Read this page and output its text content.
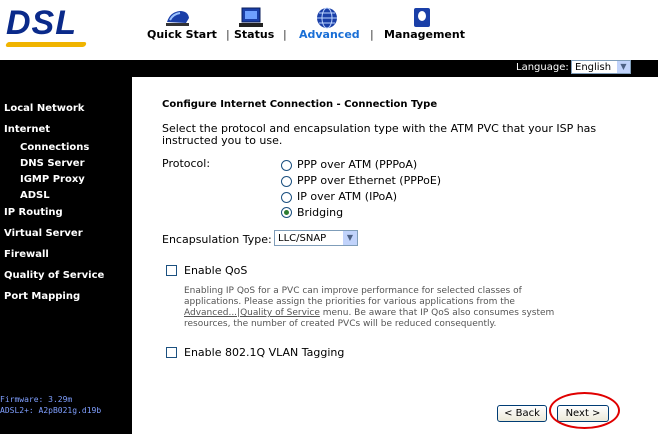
DSL	Quick Start | Status | Advanced | Management
Language: English	▼
Local Network
Internet
Connections
DNS Server
IGMP Proxy
ADSL
IP Routing
Virtual Server
Firewall
Quality of Service
Port Mapping
Firmware: 3.29m
ADSL2+: A2pB021g.d19b
Configure Internet Connection - Connection Type
Select the protocol and encapsulation type with the ATM PVC that your ISP has
instructed you to use.
Protocol:	PPP over ATM (PPPoA)
PPP over Ethernet (PPPoE)
IP over ATM (IPoA)
Bridging
Encapsulation Type: LLC/SNAP	▼
Enable QoS
Enabling IP QoS for a PVC can improve performance for selected classes of
applications. Please assign the priorities for various applications from the
Advanced...|Quality of Service menu. Be aware that IP QoS also consumes system
resources, the number of created PVCs will be reduced consequently.
Enable 802.1Q VLAN Tagging
< Back	Next >
